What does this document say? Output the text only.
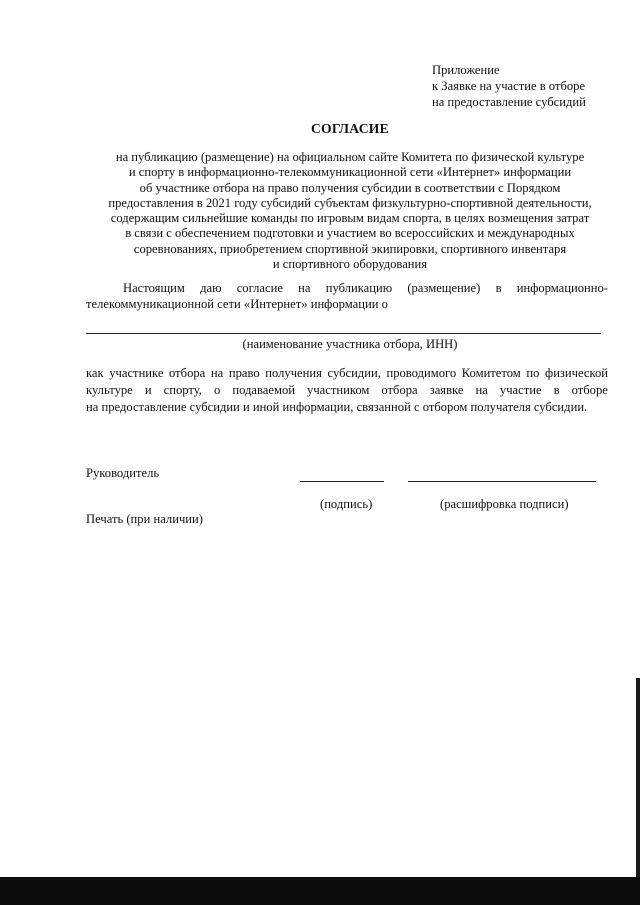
Приложение
к Заявке на участие в отборе
на предоставление субсидий
СОГЛАСИЕ
на публикацию (размещение) на официальном сайте Комитета по физической культуре
и спорту в информационно-телекоммуникационной сети «Интернет» информации
об участнике отбора на право получения субсидии в соответствии с Порядком
предоставления в 2021 году субсидий субъектам физкультурно-спортивной деятельности,
содержащим сильнейшие команды по игровым видам спорта, в целях возмещения затрат
в связи с обеспечением подготовки и участием во всероссийских и международных
соревнованиях, приобретением спортивной экипировки, спортивного инвентаря
и спортивного оборудования
Настоящим даю согласие на публикацию (размещение) в информационно-
телекоммуникационной сети «Интернет» информации о
(наименование участника отбора, ИНН)
как участнике отбора на право получения субсидии, проводимого Комитетом по физической
культуре и спорту, о подаваемой участником отбора заявке на участие в отборе
на предоставление субсидии и иной информации, связанной с отбором получателя субсидии.
Руководитель
(подпись)	(расшифровка подписи)
Печать (при наличии)
